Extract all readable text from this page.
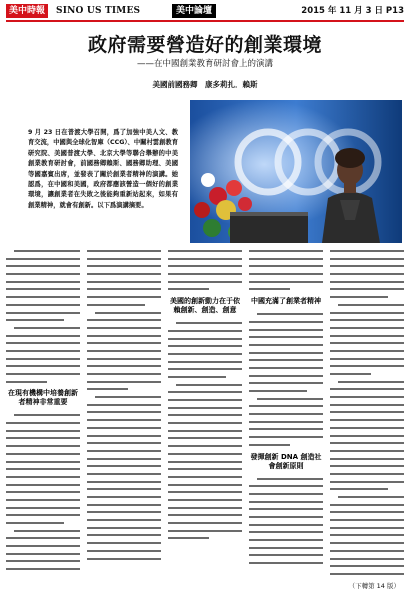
美中時報	SINO US TIMES	美中論壇	2015 年 11 月 3 日 P13
政府需要營造好的創業環境
——在中國創業教育研討會上的演講
美國前國務卿　康多莉扎．賴斯
9 月 23 日在普渡大學召開，爲了加強中美人文、教育交流，中國與全球化智庫（CCG）、中關村雲創教育研究院、美國普渡大學、北京大學等聯合舉辦的中美創業教育研討會，前國務卿賴斯、國務卿助理、美國等國嘉賓出席，並發表了關於創業者精神的演講。她認爲，在中國和美國，政府都應該營造一個好的創業環境，讓創業者在失敗之後能夠重新站起來，如果有創業精神，就會有創新。以下爲演講摘要。
在現有機構中培養創新者精神非常重要
美國的創新動力在于依賴創新、創造、創意
中國充滿了創業者精神
發揮創新 DNA 創造社會創新原則
（下轉第 14 版）
